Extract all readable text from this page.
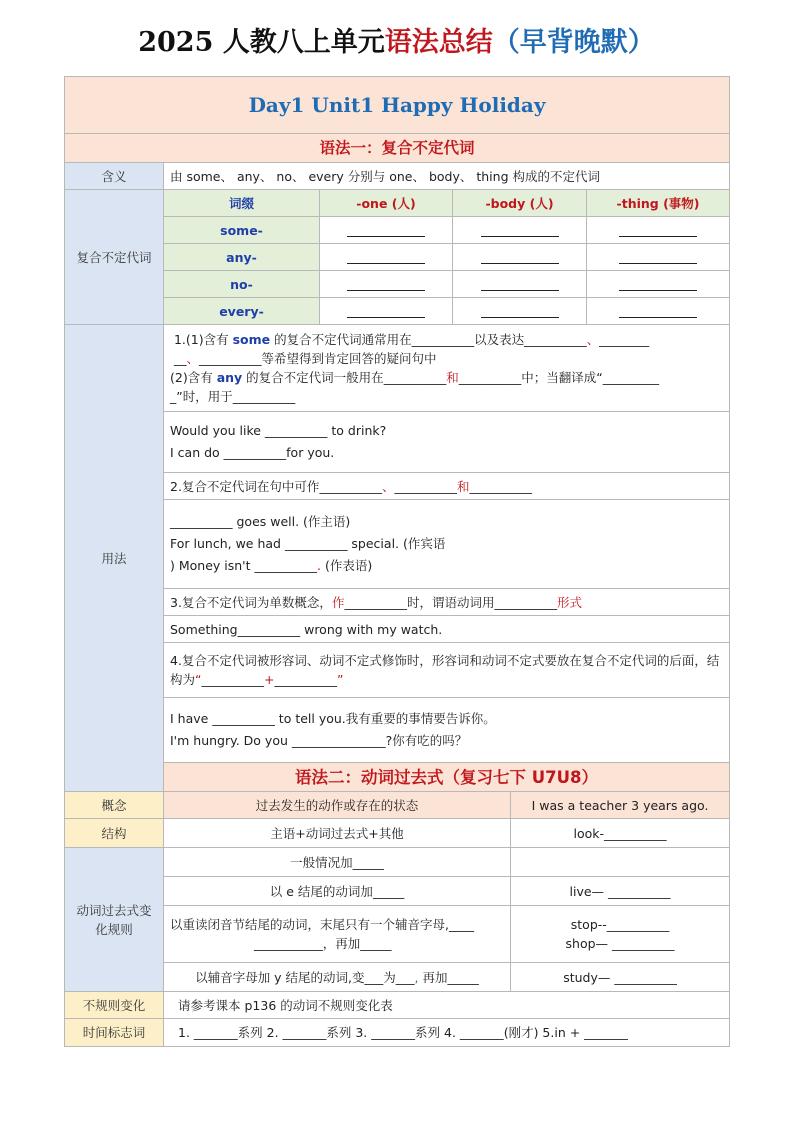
2025 人教八上单元语法总结（早背晚默）
Day1 Unit1 Happy Holiday					
语法一：复合不定代词					
含义	由 some、 any、 no、 every 分别与 one、 body、 thing 构成的不定代词				
复合不定代词	词缀	-one (人)	-body (人)		-thing (事物)
	some-				
	any-				
	no-				
	every-				
用法	1.(1)含有 some 的复合不定代词通常用在__________以及表达__________、________
__、__________等希望得到肯定回答的疑问句中
(2)含有 any 的复合不定代词一般用在__________和__________中；当翻译成“_________
_”时，用于__________				
	Would you like __________ to drink?
I can do __________for you.				
	2.复合不定代词在句中可作__________、__________和__________				
	__________ goes well. (作主语)
For lunch, we had __________ special. (作宾语
) Money isn't __________. (作表语)				
	3.复合不定代词为单数概念，作__________时，谓语动词用__________形式				
	Something__________ wrong with my watch.				
	4.复合不定代词被形容词、动词不定式修饰时，形容词和动词不定式要放在复合不定代词的后面，结构为“__________+__________”				
	I have __________ to tell you.我有重要的事情要告诉你。
I'm hungry. Do you _______________?你有吃的吗？				
	语法二：动词过去式（复习七下 U7U8）				
概念	过去发生的动作或存在的状态			I was a teacher 3 years ago.	
结构	主语+动词过去式+其他			look-__________	
动词过去式变化规则	一般情况加_____				
	以 e 结尾的动词加_____			live— __________	
	以重读闭音节结尾的动词，末尾只有一个辅音字母,____
___________，再加_____			stop--__________
shop— __________	
	以辅音字母加 y 结尾的动词,变___为___, 再加_____			study— __________	
不规则变化	请参考课本 p136 的动词不规则变化表				
时间标志词	1. _______系列 2. _______系列 3. _______系列 4. _______(刚才) 5.in + _______				
